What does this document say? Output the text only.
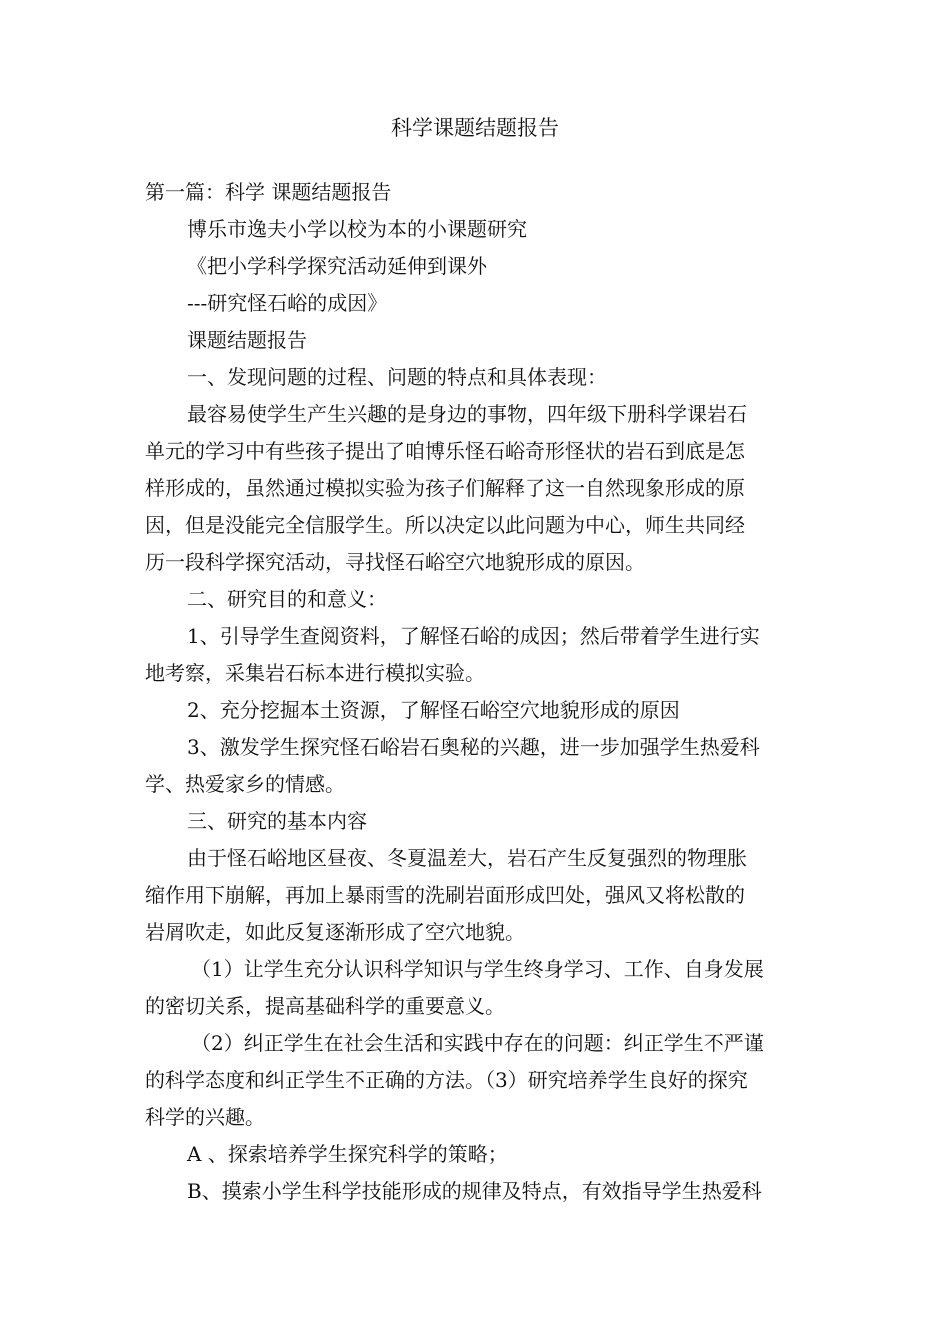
科学课题结题报告

第一篇：科学 课题结题报告

博乐市逸夫小学以校为本的小课题研究

《把小学科学探究活动延伸到课外

---研究怪石峪的成因》

课题结题报告

一、发现问题的过程、问题的特点和具体表现：

最容易使学生产生兴趣的是身边的事物，四年级下册科学课岩石

单元的学习中有些孩子提出了咱博乐怪石峪奇形怪状的岩石到底是怎

样形成的，虽然通过模拟实验为孩子们解释了这一自然现象形成的原

因，但是没能完全信服学生。所以决定以此问题为中心，师生共同经

历一段科学探究活动，寻找怪石峪空穴地貌形成的原因。

二、研究目的和意义：

1、引导学生查阅资料，了解怪石峪的成因；然后带着学生进行实

地考察，采集岩石标本进行模拟实验。

2、充分挖掘本土资源，了解怪石峪空穴地貌形成的原因

3、激发学生探究怪石峪岩石奥秘的兴趣，进一步加强学生热爱科

学、热爱家乡的情感。

三、研究的基本内容

由于怪石峪地区昼夜、冬夏温差大，岩石产生反复强烈的物理胀

缩作用下崩解，再加上暴雨雪的洗刷岩面形成凹处，强风又将松散的

岩屑吹走，如此反复逐渐形成了空穴地貌。

（1）让学生充分认识科学知识与学生终身学习、工作、自身发展

的密切关系，提高基础科学的重要意义。

（2）纠正学生在社会生活和实践中存在的问题：纠正学生不严谨

的科学态度和纠正学生不正确的方法。（3）研究培养学生良好的探究

科学的兴趣。

A 、探索培养学生探究科学的策略；

B、摸索小学生科学技能形成的规律及特点，有效指导学生热爱科
